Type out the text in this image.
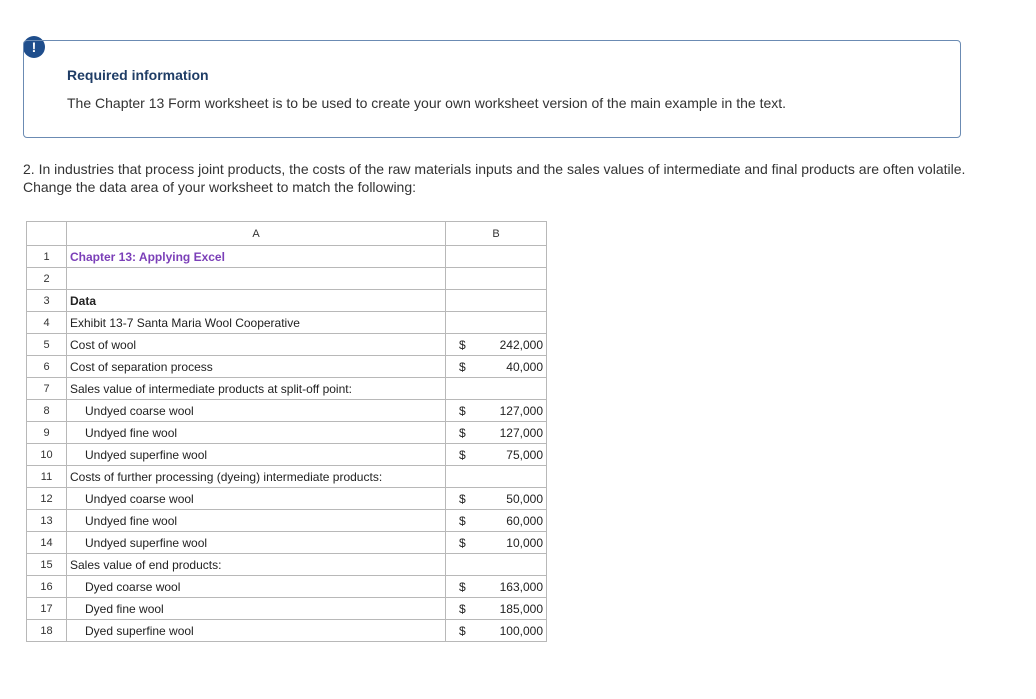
!
Required information
The Chapter 13 Form worksheet is to be used to create your own worksheet version of the main example in the text.
2. In industries that process joint products, the costs of the raw materials inputs and the sales values of intermediate and final products are often volatile. Change the data area of your worksheet to match the following:
	A	B
1	Chapter 13: Applying Excel	

2		

3	Data	

4	Exhibit 13-7 Santa Maria Wool Cooperative	

5	Cost of wool	$ 242,000

6	Cost of separation process	$ 40,000

7	Sales value of intermediate products at split-off point:	

8	Undyed coarse wool	$ 127,000

9	Undyed fine wool	$ 127,000

10	Undyed superfine wool	$ 75,000

11	Costs of further processing (dyeing) intermediate products:	

12	Undyed coarse wool	$ 50,000

13	Undyed fine wool	$ 60,000

14	Undyed superfine wool	$ 10,000

15	Sales value of end products:	

16	Dyed coarse wool	$ 163,000

17	Dyed fine wool	$ 185,000

18	Dyed superfine wool	$ 100,000
